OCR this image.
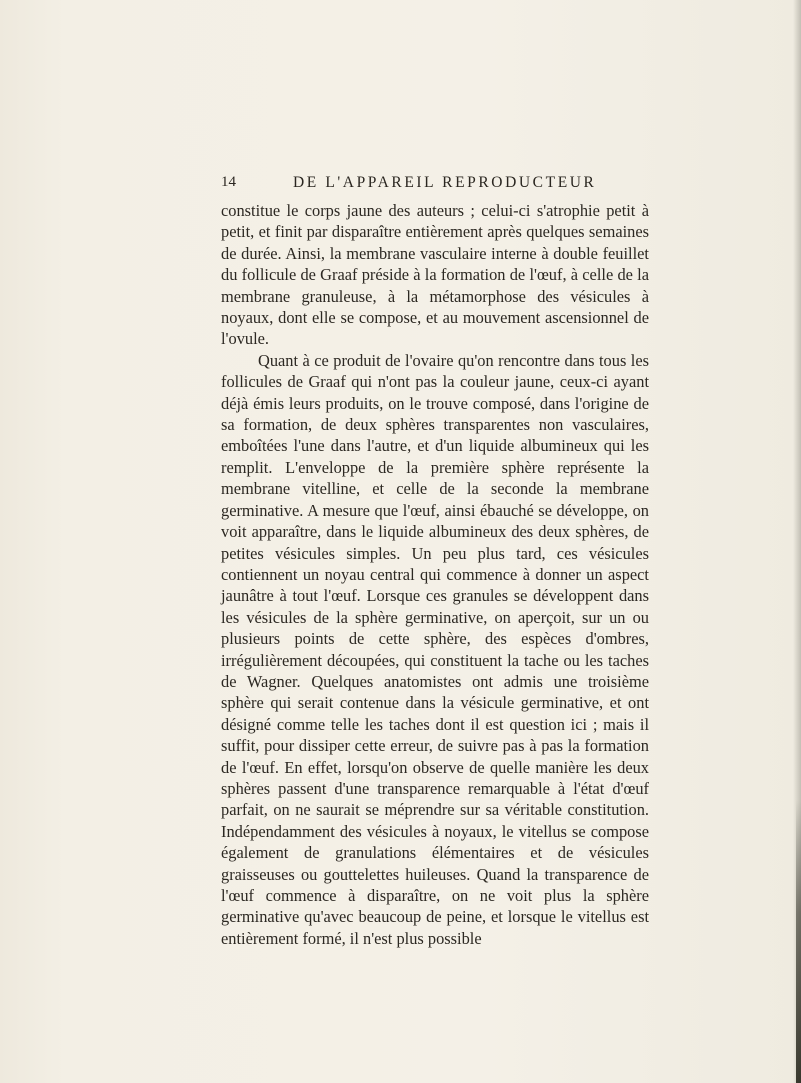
14	DE L'APPAREIL REPRODUCTEUR

constitue le corps jaune des auteurs ; celui-ci s'atrophie petit à petit, et finit par disparaître entièrement après quelques semaines de durée. Ainsi, la membrane vasculaire interne à double feuillet du follicule de Graaf préside à la formation de l'œuf, à celle de la membrane granuleuse, à la métamorphose des vésicules à noyaux, dont elle se compose, et au mouvement ascensionnel de l'ovule.

Quant à ce produit de l'ovaire qu'on rencontre dans tous les follicules de Graaf qui n'ont pas la couleur jaune, ceux-ci ayant déjà émis leurs produits, on le trouve composé, dans l'origine de sa formation, de deux sphères transparentes non vasculaires, emboîtées l'une dans l'autre, et d'un liquide albumineux qui les remplit. L'enveloppe de la première sphère représente la membrane vitelline, et celle de la seconde la membrane germinative. A mesure que l'œuf, ainsi ébauché se développe, on voit apparaître, dans le liquide albumineux des deux sphères, de petites vésicules simples. Un peu plus tard, ces vésicules contiennent un noyau central qui commence à donner un aspect jaunâtre à tout l'œuf. Lorsque ces granules se développent dans les vésicules de la sphère germinative, on aperçoit, sur un ou plusieurs points de cette sphère, des espèces d'ombres, irrégulièrement découpées, qui constituent la tache ou les taches de Wagner. Quelques anatomistes ont admis une troisième sphère qui serait contenue dans la vésicule germinative, et ont désigné comme telle les taches dont il est question ici ; mais il suffit, pour dissiper cette erreur, de suivre pas à pas la formation de l'œuf. En effet, lorsqu'on observe de quelle manière les deux sphères passent d'une transparence remarquable à l'état d'œuf parfait, on ne saurait se méprendre sur sa véritable constitution. Indépendamment des vésicules à noyaux, le vitellus se compose également de granulations élémentaires et de vésicules graisseuses ou gouttelettes huileuses. Quand la transparence de l'œuf commence à disparaître, on ne voit plus la sphère germinative qu'avec beaucoup de peine, et lorsque le vitellus est entièrement formé, il n'est plus possible
